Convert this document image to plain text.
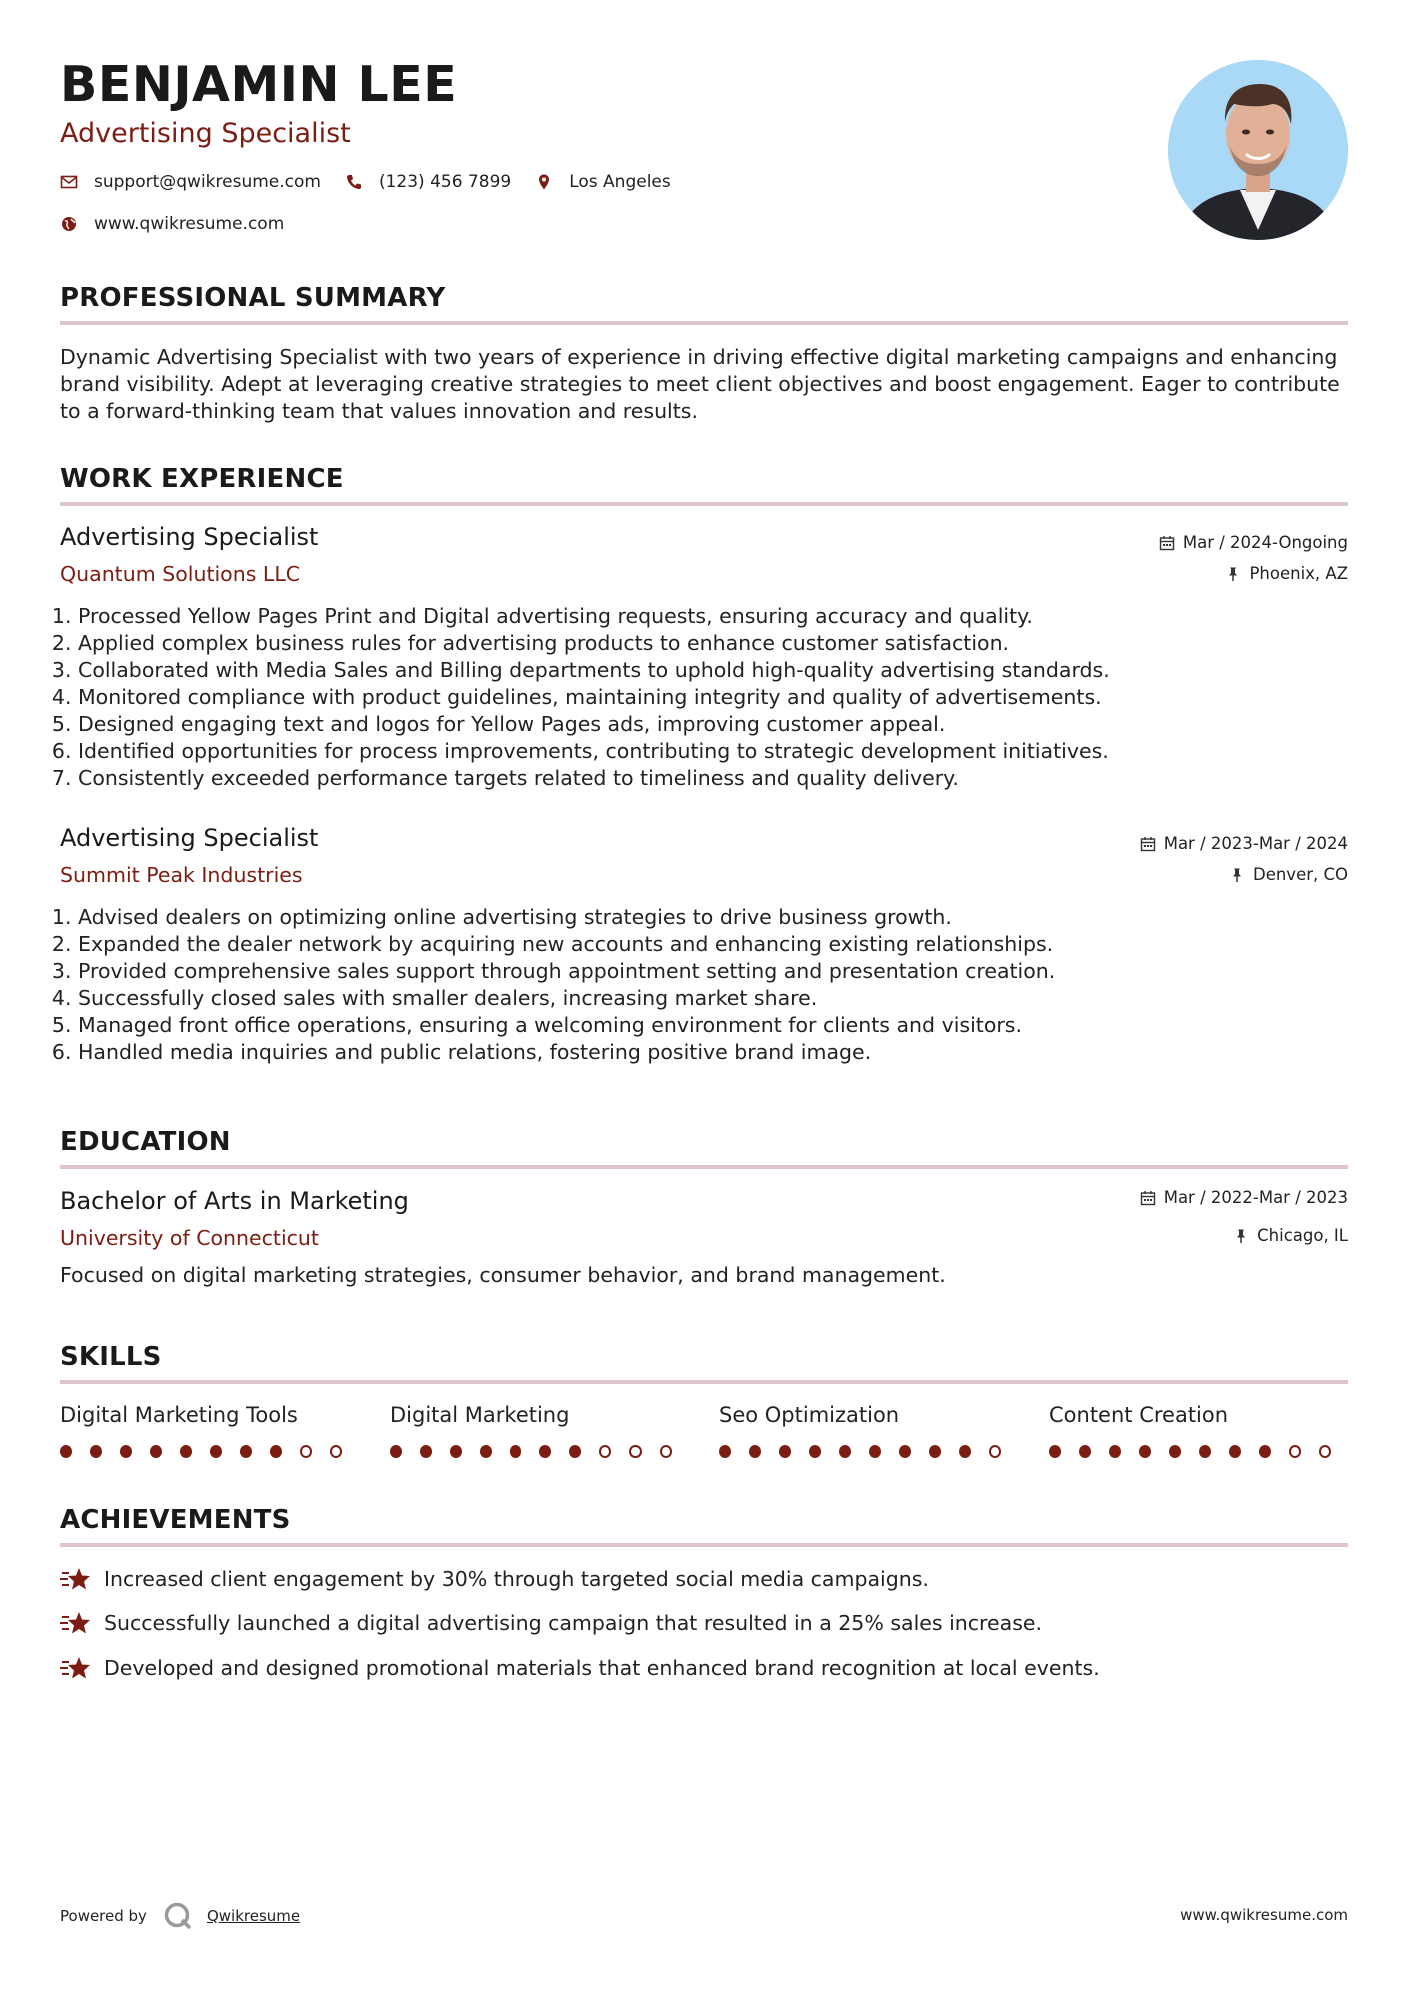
BENJAMIN LEE
Advertising Specialist
support@qwikresume.com	(123) 456 7899	Los Angeles
www.qwikresume.com
PROFESSIONAL SUMMARY
Dynamic Advertising Specialist with two years of experience in driving effective digital marketing campaigns and enhancing brand visibility. Adept at leveraging creative strategies to meet client objectives and boost engagement. Eager to contribute to a forward-thinking team that values innovation and results.
WORK EXPERIENCE
Advertising Specialist
Quantum Solutions LLC
Mar / 2024-Ongoing
Phoenix, AZ
1. Processed Yellow Pages Print and Digital advertising requests, ensuring accuracy and quality.
2. Applied complex business rules for advertising products to enhance customer satisfaction.
3. Collaborated with Media Sales and Billing departments to uphold high-quality advertising standards.
4. Monitored compliance with product guidelines, maintaining integrity and quality of advertisements.
5. Designed engaging text and logos for Yellow Pages ads, improving customer appeal.
6. Identified opportunities for process improvements, contributing to strategic development initiatives.
7. Consistently exceeded performance targets related to timeliness and quality delivery.
Advertising Specialist
Summit Peak Industries
Mar / 2023-Mar / 2024
Denver, CO
1. Advised dealers on optimizing online advertising strategies to drive business growth.
2. Expanded the dealer network by acquiring new accounts and enhancing existing relationships.
3. Provided comprehensive sales support through appointment setting and presentation creation.
4. Successfully closed sales with smaller dealers, increasing market share.
5. Managed front office operations, ensuring a welcoming environment for clients and visitors.
6. Handled media inquiries and public relations, fostering positive brand image.
EDUCATION
Bachelor of Arts in Marketing
University of Connecticut
Mar / 2022-Mar / 2023
Chicago, IL
Focused on digital marketing strategies, consumer behavior, and brand management.
SKILLS
Digital Marketing Tools	Digital Marketing	Seo Optimization	Content Creation
ACHIEVEMENTS
Increased client engagement by 30% through targeted social media campaigns.
Successfully launched a digital advertising campaign that resulted in a 25% sales increase.
Developed and designed promotional materials that enhanced brand recognition at local events.
Powered by	Qwikresume	www.qwikresume.com
